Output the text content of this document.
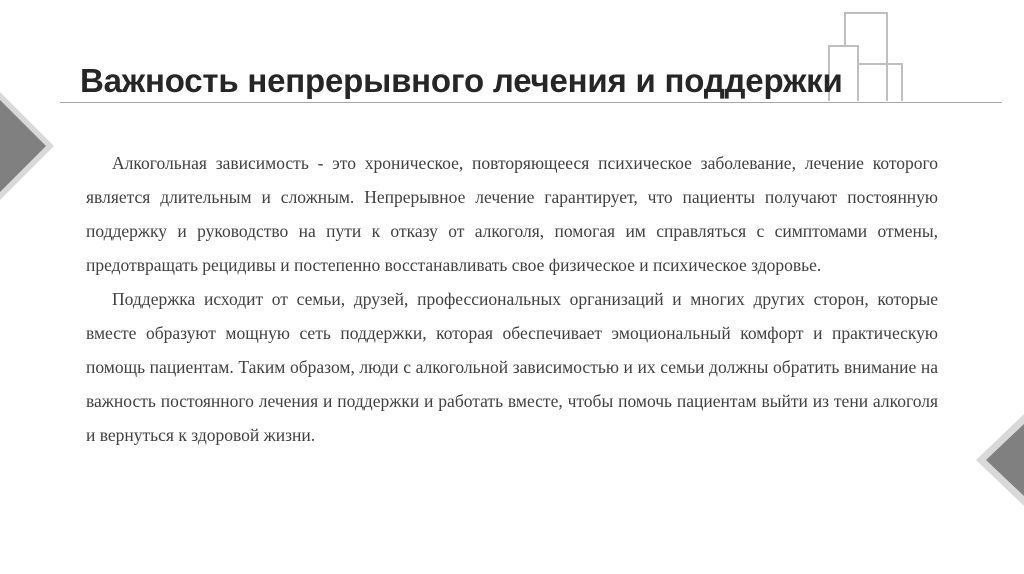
Важность непрерывного лечения и поддержки

Алкогольная зависимость - это хроническое, повторяющееся психическое заболевание, лечение которого является длительным и сложным. Непрерывное лечение гарантирует, что пациенты получают постоянную поддержку и руководство на пути к отказу от алкоголя, помогая им справляться с симптомами отмены, предотвращать рецидивы и постепенно восстанавливать свое физическое и психическое здоровье.

Поддержка исходит от семьи, друзей, профессиональных организаций и многих других сторон, которые вместе образуют мощную сеть поддержки, которая обеспечивает эмоциональный комфорт и практическую помощь пациентам. Таким образом, люди с алкогольной зависимостью и их семьи должны обратить внимание на важность постоянного лечения и поддержки и работать вместе, чтобы помочь пациентам выйти из тени алкоголя и вернуться к здоровой жизни.
